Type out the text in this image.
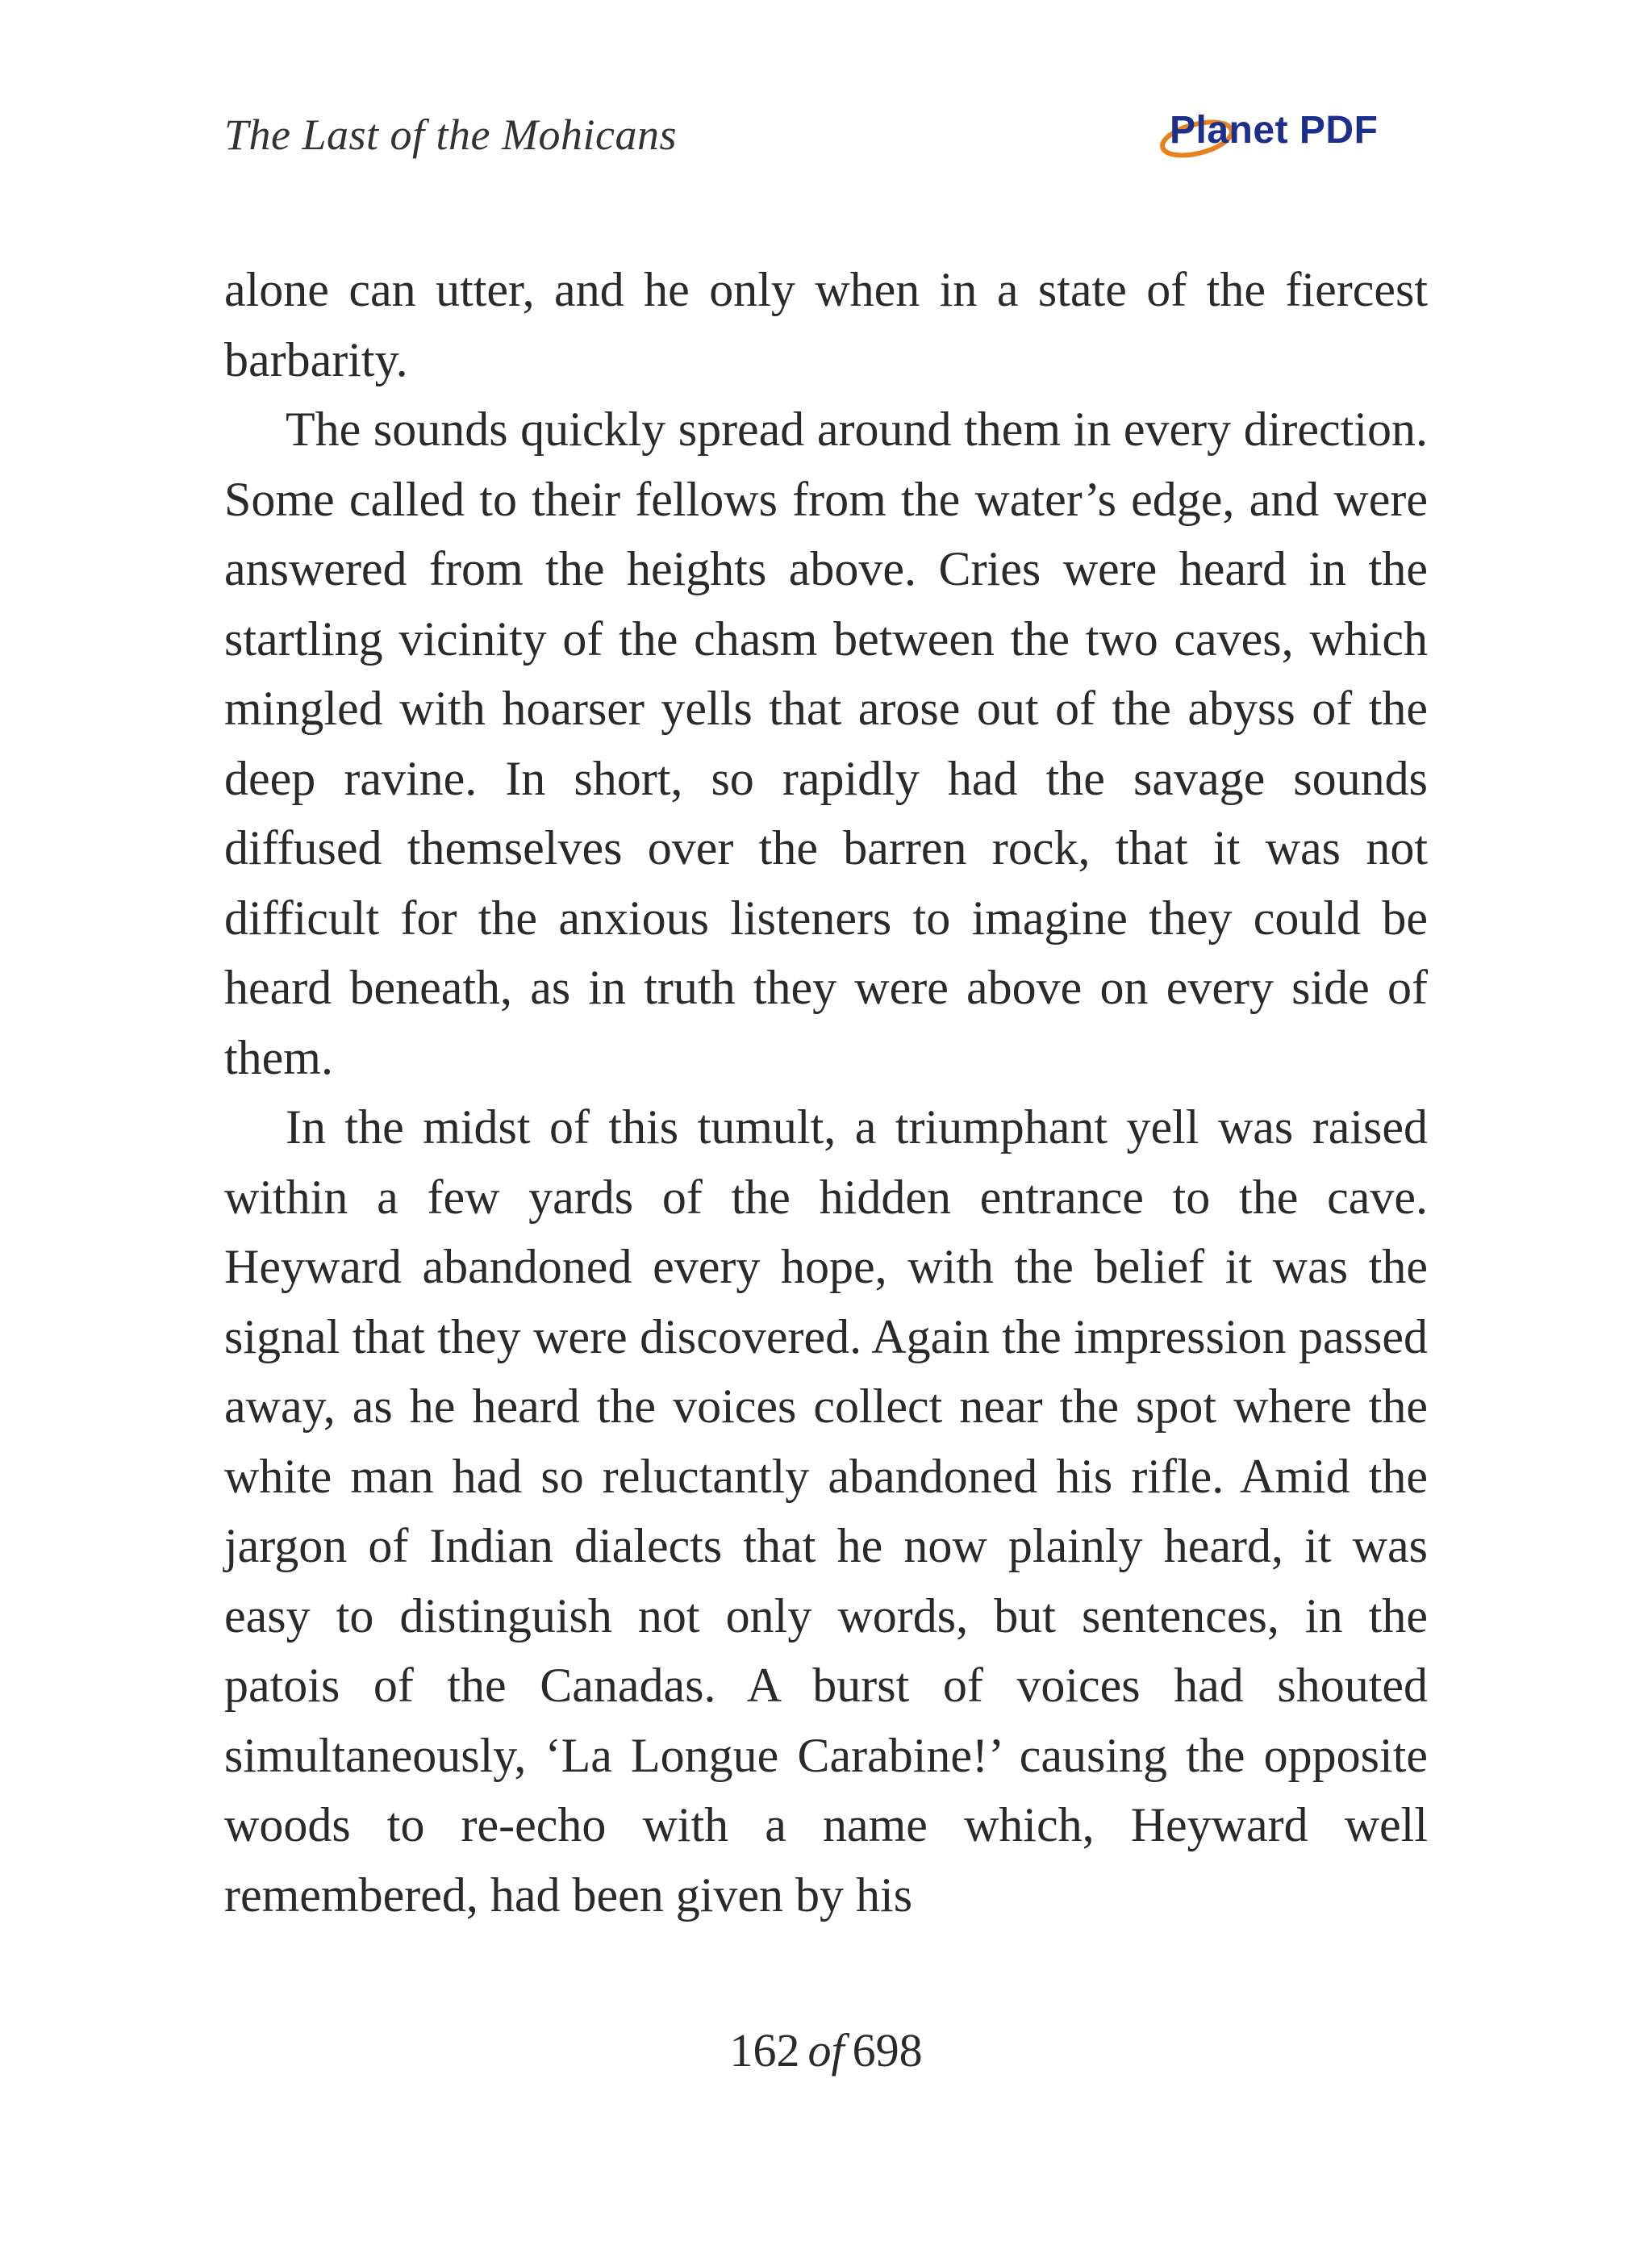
The Last of the Mohicans	Planet PDF

alone can utter, and he only when in a state of the fiercest barbarity.

The sounds quickly spread around them in every direction. Some called to their fellows from the water’s edge, and were answered from the heights above. Cries were heard in the startling vicinity of the chasm between the two caves, which mingled with hoarser yells that arose out of the abyss of the deep ravine. In short, so rapidly had the savage sounds diffused themselves over the barren rock, that it was not difficult for the anxious listeners to imagine they could be heard beneath, as in truth they were above on every side of them.

In the midst of this tumult, a triumphant yell was raised within a few yards of the hidden entrance to the cave. Heyward abandoned every hope, with the belief it was the signal that they were discovered. Again the impression passed away, as he heard the voices collect near the spot where the white man had so reluctantly abandoned his rifle. Amid the jargon of Indian dialects that he now plainly heard, it was easy to distinguish not only words, but sentences, in the patois of the Canadas. A burst of voices had shouted simultaneously, ‘La Longue Carabine!’ causing the opposite woods to re-echo with a name which, Heyward well remembered, had been given by his

162 of 698
